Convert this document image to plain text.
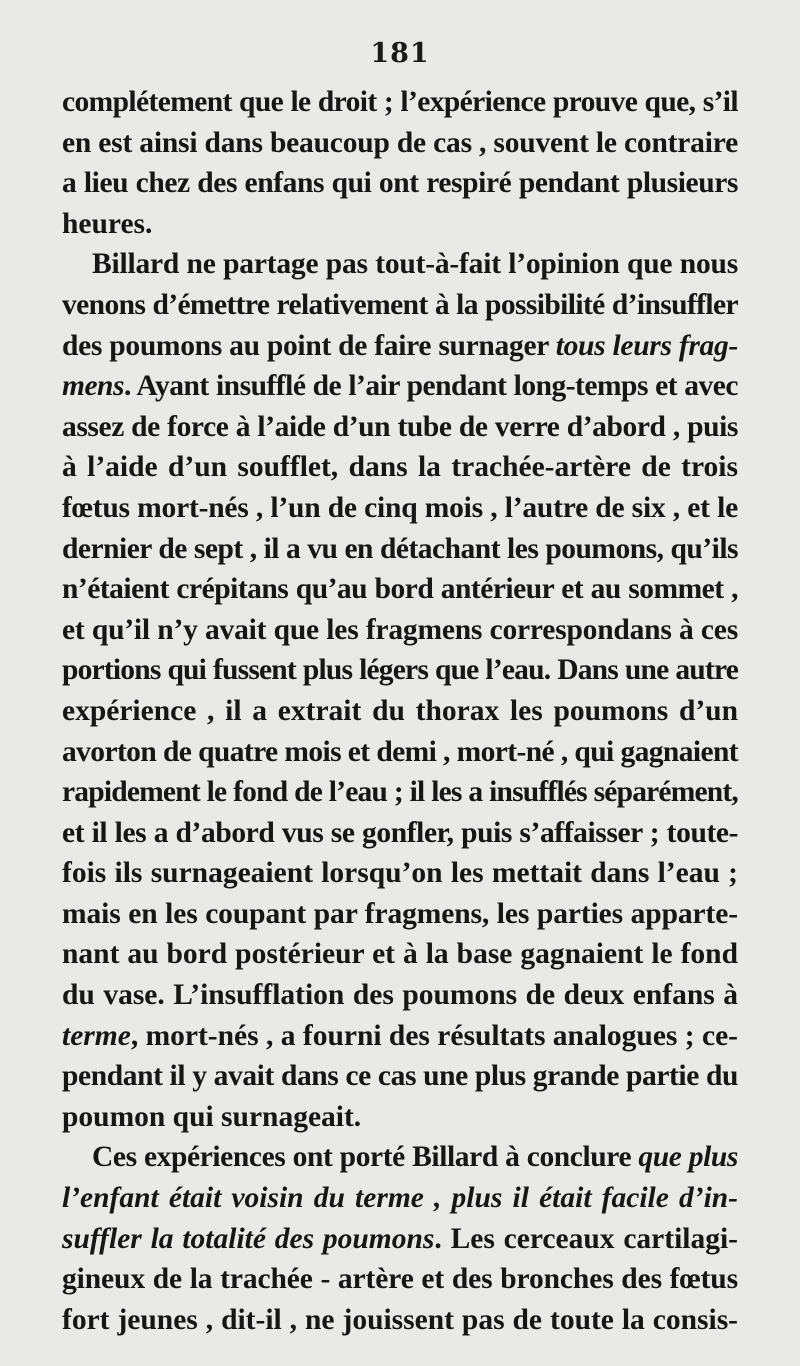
181
complétement que le droit ; l’expérience prouve que, s’il
en est ainsi dans beaucoup de cas , souvent le contraire
a lieu chez des enfans qui ont respiré pendant plusieurs
heures.
Billard ne partage pas tout-à-fait l’opinion que nous
venons d’émettre relativement à la possibilité d’insuffler
des poumons au point de faire surnager tous leurs frag-
mens. Ayant insufflé de l’air pendant long-temps et avec
assez de force à l’aide d’un tube de verre d’abord , puis
à l’aide d’un soufflet, dans la trachée-artère de trois
fœtus mort-nés , l’un de cinq mois , l’autre de six , et le
dernier de sept , il a vu en détachant les poumons, qu’ils
n’étaient crépitans qu’au bord antérieur et au sommet ,
et qu’il n’y avait que les fragmens correspondans à ces
portions qui fussent plus légers que l’eau. Dans une autre
expérience , il a extrait du thorax les poumons d’un
avorton de quatre mois et demi , mort-né , qui gagnaient
rapidement le fond de l’eau ; il les a insufflés séparément,
et il les a d’abord vus se gonfler, puis s’affaisser ; toute-
fois ils surnageaient lorsqu’on les mettait dans l’eau ;
mais en les coupant par fragmens, les parties apparte-
nant au bord postérieur et à la base gagnaient le fond
du vase. L’insufflation des poumons de deux enfans à
terme, mort-nés , a fourni des résultats analogues ; ce-
pendant il y avait dans ce cas une plus grande partie du
poumon qui surnageait.
Ces expériences ont porté Billard à conclure que plus
l’enfant était voisin du terme , plus il était facile d’in-
suffler la totalité des poumons. Les cerceaux cartilagi-
gineux de la trachée - artère et des bronches des fœtus
fort jeunes , dit-il , ne jouissent pas de toute la consis-
